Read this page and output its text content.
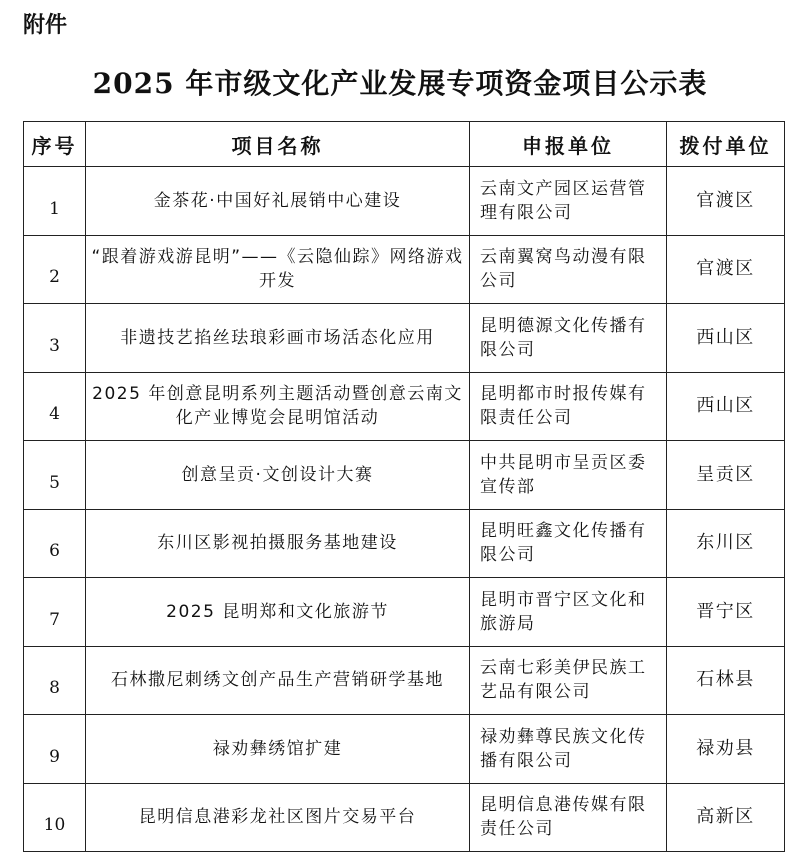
附件
2025 年市级文化产业发展专项资金项目公示表
序号	项目名称	申报单位	拨付单位
1	金茶花·中国好礼展销中心建设	云南文产园区运营管理有限公司	官渡区
2	“跟着游戏游昆明”——《云隐仙踪》网络游戏开发	云南翼窝鸟动漫有限公司	官渡区
3	非遗技艺掐丝珐琅彩画市场活态化应用	昆明德源文化传播有限公司	西山区
4	2025 年创意昆明系列主题活动暨创意云南文化产业博览会昆明馆活动	昆明都市时报传媒有限责任公司	西山区
5	创意呈贡·文创设计大赛	中共昆明市呈贡区委宣传部	呈贡区
6	东川区影视拍摄服务基地建设	昆明旺鑫文化传播有限公司	东川区
7	2025 昆明郑和文化旅游节	昆明市晋宁区文化和旅游局	晋宁区
8	石林撒尼刺绣文创产品生产营销研学基地	云南七彩美伊民族工艺品有限公司	石林县
9	禄劝彝绣馆扩建	禄劝彝尊民族文化传播有限公司	禄劝县
10	昆明信息港彩龙社区图片交易平台	昆明信息港传媒有限责任公司	高新区
